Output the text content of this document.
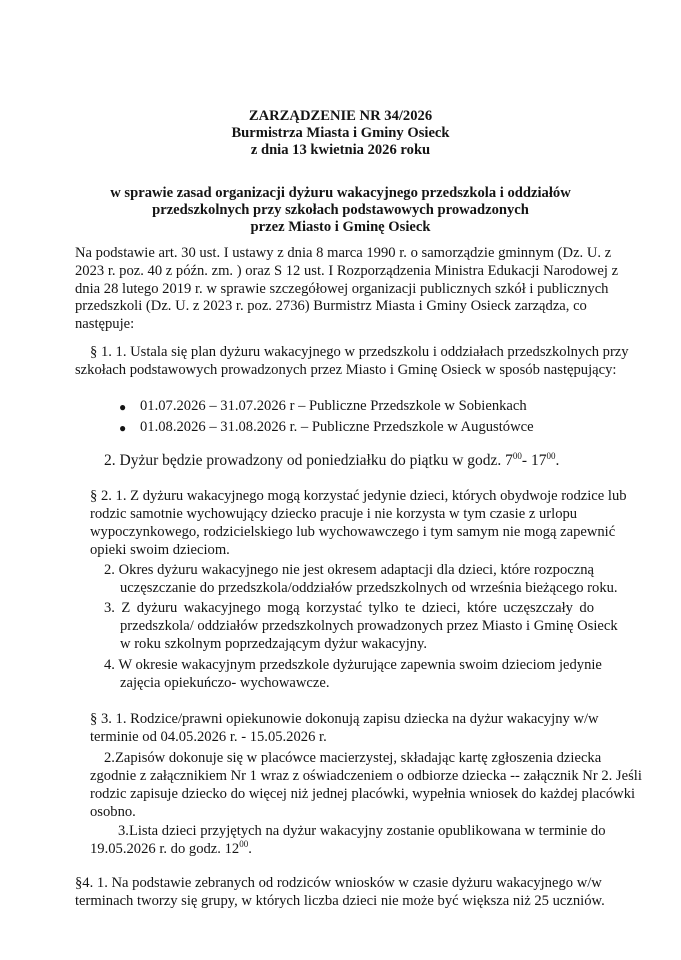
ZARZĄDZENIE NR 34/2026
Burmistrza Miasta i Gminy Osieck
z dnia 13 kwietnia 2026 roku
w sprawie zasad organizacji dyżuru wakacyjnego przedszkola i oddziałów
przedszkolnych przy szkołach podstawowych prowadzonych
przez Miasto i Gminę Osieck
Na podstawie art. 30 ust. I ustawy z dnia 8 marca 1990 r. o samorządzie gminnym (Dz. U. z
2023 r. poz. 40 z późn. zm. ) oraz S 12 ust. I Rozporządzenia Ministra Edukacji Narodowej z
dnia 28 lutego 2019 r. w sprawie szczegółowej organizacji publicznych szkół i publicznych
przedszkoli (Dz. U. z 2023 r. poz. 2736) Burmistrz Miasta i Gminy Osieck zarządza, co
następuje:
§ 1. 1. Ustala się plan dyżuru wakacyjnego w przedszkolu i oddziałach przedszkolnych przy
szkołach podstawowych prowadzonych przez Miasto i Gminę Osieck w sposób następujący:
● 01.07.2026 – 31.07.2026 r – Publiczne Przedszkole w Sobienkach
● 01.08.2026 – 31.08.2026 r. – Publiczne Przedszkole w Augustówce
2. Dyżur będzie prowadzony od poniedziałku do piątku w godz. $7^{00}-$ $17^{00}$.
§ 2. 1. Z dyżuru wakacyjnego mogą korzystać jedynie dzieci, których obydwoje rodzice lub
rodzic samotnie wychowujący dziecko pracuje i nie korzysta w tym czasie z urlopu
wypoczynkowego, rodzicielskiego lub wychowawczego i tym samym nie mogą zapewnić
opieki swoim dzieciom.
2. Okres dyżuru wakacyjnego nie jest okresem adaptacji dla dzieci, które rozpoczną
uczęszczanie do przedszkola/oddziałów przedszkolnych od września bieżącego roku.
3. Z dyżuru wakacyjnego mogą korzystać tylko te dzieci, które uczęszczały do
przedszkola/ oddziałów przedszkolnych prowadzonych przez Miasto i Gminę Osieck
w roku szkolnym poprzedzającym dyżur wakacyjny.
4. W okresie wakacyjnym przedszkole dyżurujące zapewnia swoim dzieciom jedynie
zajęcia opiekuńczo- wychowawcze.
§ 3. 1. Rodzice/prawni opiekunowie dokonują zapisu dziecka na dyżur wakacyjny w/w
terminie od 04.05.2026 r. - 15.05.2026 r.
2.Zapisów dokonuje się w placówce macierzystej, składając kartę zgłoszenia dziecka
zgodnie z załącznikiem Nr 1 wraz z oświadczeniem o odbiorze dziecka -- załącznik Nr 2. Jeśli
rodzic zapisuje dziecko do więcej niż jednej placówki, wypełnia wniosek do każdej placówki
osobno.
3.Lista dzieci przyjętych na dyżur wakacyjny zostanie opublikowana w terminie do
19.05.2026 r. do godz. $12^{00}$.
§4. 1. Na podstawie zebranych od rodziców wniosków w czasie dyżuru wakacyjnego w/w
terminach tworzy się grupy, w których liczba dzieci nie może być większa niż 25 uczniów.
